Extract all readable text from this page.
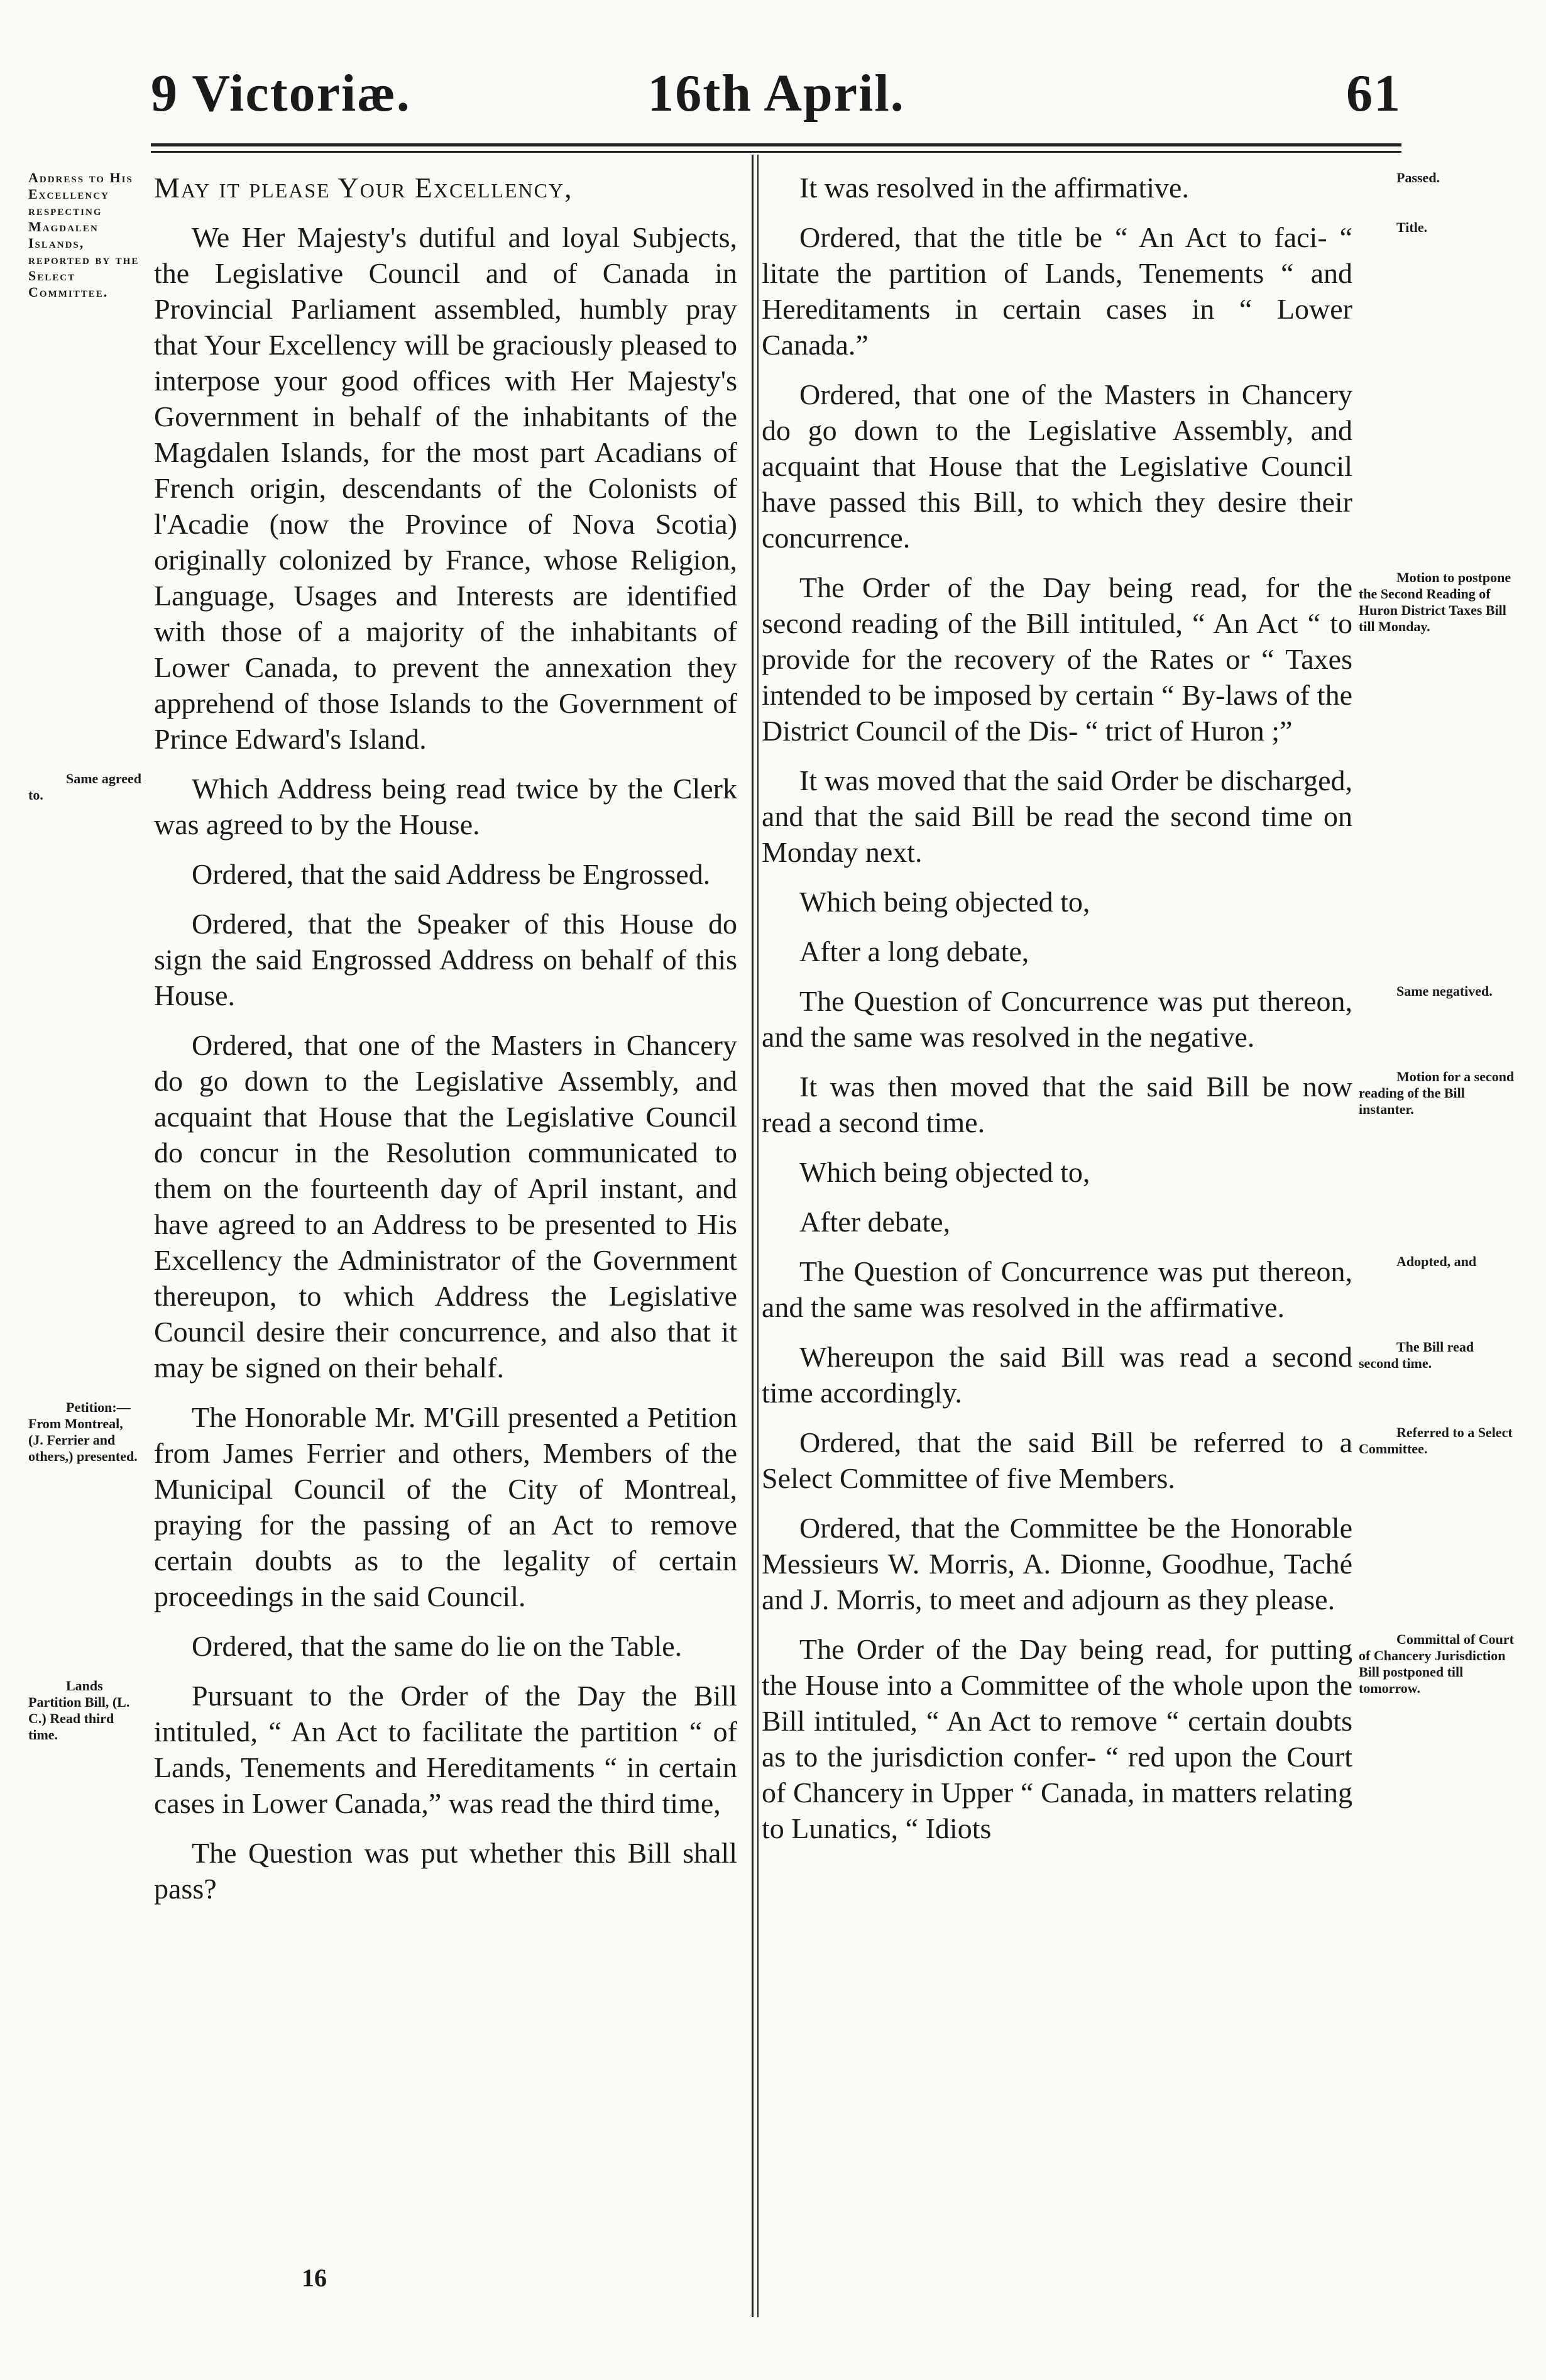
9 Victoriæ.	16th April.	61
Address to His Excellency respecting Magdalen Islands, reported by the Select Committee.
May it please Your Excellency,
We Her Majesty's dutiful and loyal Subjects, the Legislative Council and of Canada in Provincial Parliament assembled, humbly pray that Your Excellency will be graciously pleased to interpose your good offices with Her Majesty's Government in behalf of the inhabitants of the Magdalen Islands, for the most part Acadians of French origin, descendants of the Colonists of l'Acadie (now the Province of Nova Scotia) originally colonized by France, whose Religion, Language, Usages and Interests are identified with those of a majority of the inhabitants of Lower Canada, to prevent the annexation they apprehend of those Islands to the Government of Prince Edward's Island.
Same agreed to.	Which Address being read twice by the Clerk was agreed to by the House.
Ordered, that the said Address be Engrossed.
Ordered, that the Speaker of this House do sign the said Engrossed Address on behalf of this House.
Ordered, that one of the Masters in Chancery do go down to the Legislative Assembly, and acquaint that House that the Legislative Council do concur in the Resolution communicated to them on the fourteenth day of April instant, and have agreed to an Address to be presented to His Excellency the Administrator of the Government thereupon, to which Address the Legislative Council desire their concurrence, and also that it may be signed on their behalf.
Petition:— From Montreal, (J. Ferrier and others,) presented.
The Honorable Mr. M'Gill presented a Petition from James Ferrier and others, Members of the Municipal Council of the City of Montreal, praying for the passing of an Act to remove certain doubts as to the legality of certain proceedings in the said Council.
Ordered, that the same do lie on the Table.
Lands Partition Bill, (L. C.) Read third time.
Pursuant to the Order of the Day the Bill intituled, “ An Act to facilitate the partition “ of Lands, Tenements and Hereditaments “ in certain cases in Lower Canada,” was read the third time,
The Question was put whether this Bill shall pass?
Passed.
It was resolved in the affirmative.
Title.
Ordered, that the title be “ An Act to faci- “ litate the partition of Lands, Tenements “ and Hereditaments in certain cases in “ Lower Canada.”
Ordered, that one of the Masters in Chancery do go down to the Legislative Assembly, and acquaint that House that the Legislative Council have passed this Bill, to which they desire their concurrence.
Motion to postpone the Second Reading of Huron District Taxes Bill till Monday.
The Order of the Day being read, for the second reading of the Bill intituled, “ An Act “ to provide for the recovery of the Rates or “ Taxes intended to be imposed by certain “ By-laws of the District Council of the Dis- “ trict of Huron ;”
It was moved that the said Order be discharged, and that the said Bill be read the second time on Monday next.
Which being objected to,
After a long debate,
Same negatived.
The Question of Concurrence was put thereon, and the same was resolved in the negative.
Motion for a second reading of the Bill instanter.
It was then moved that the said Bill be now read a second time.
Which being objected to,
After debate,
Adopted, and
The Question of Concurrence was put thereon, and the same was resolved in the affirmative.
The Bill read second time.
Whereupon the said Bill was read a second time accordingly.
Referred to a Select Committee.
Ordered, that the said Bill be referred to a Select Committee of five Members.
Ordered, that the Committee be the Honorable Messieurs W. Morris, A. Dionne, Goodhue, Taché and J. Morris, to meet and adjourn as they please.
Committal of Court of Chancery Jurisdiction Bill postponed till tomorrow.
The Order of the Day being read, for putting the House into a Committee of the whole upon the Bill intituled, “ An Act to remove “ certain doubts as to the jurisdiction confer- “ red upon the Court of Chancery in Upper “ Canada, in matters relating to Lunatics, “ Idiots
16
